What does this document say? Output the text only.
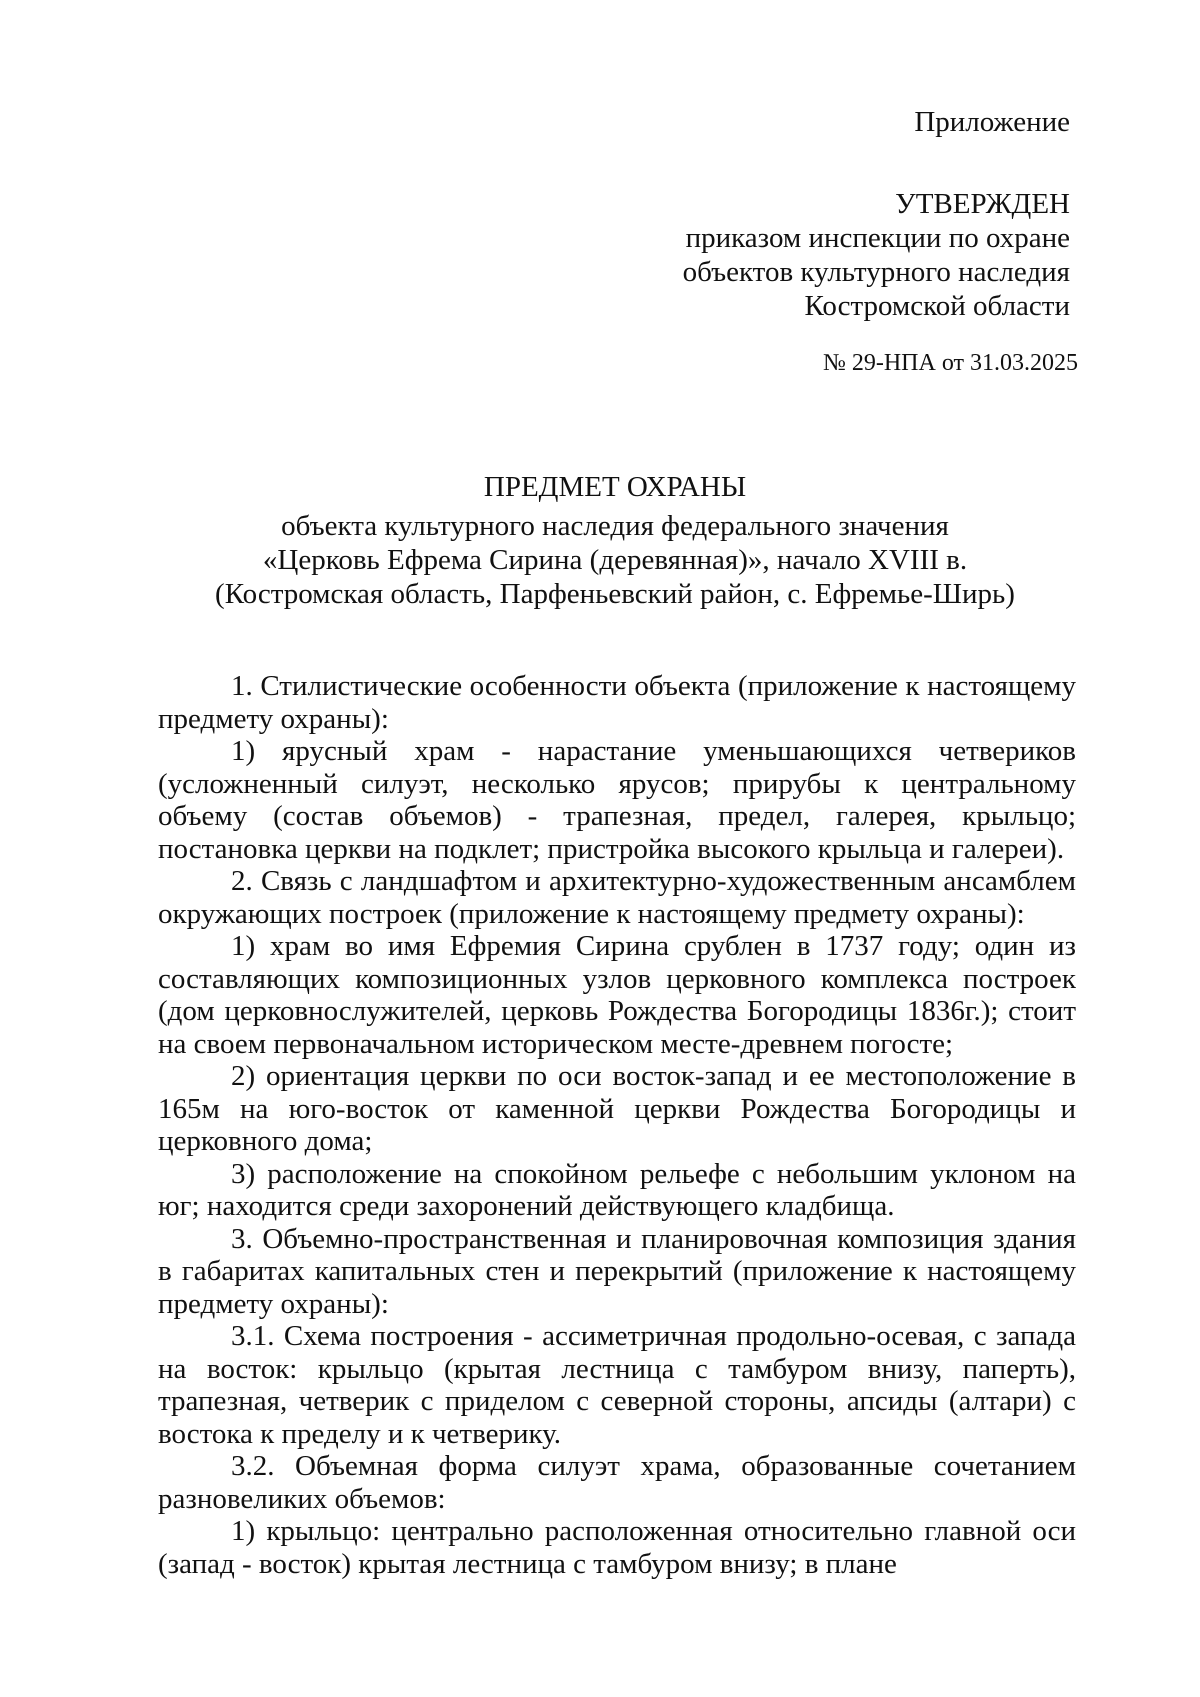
Приложение
УТВЕРЖДЕН
приказом инспекции по охране
объектов культурного наследия
Костромской области
№ 29-НПА от 31.03.2025
ПРЕДМЕТ ОХРАНЫ
объекта культурного наследия федерального значения
«Церковь Ефрема Сирина (деревянная)», начало XVIII в.
(Костромская область, Парфеньевский район, с. Ефремье-Ширь)

1. Стилистические особенности объекта (приложение к настоящему предмету охраны):

1) ярусный храм - нарастание уменьшающихся четвериков (усложненный силуэт, несколько ярусов; прирубы к центральному объему (состав объемов) - трапезная, предел, галерея, крыльцо; постановка церкви на подклет; пристройка высокого крыльца и галереи).

2. Связь с ландшафтом и архитектурно-художественным ансамблем окружающих построек (приложение к настоящему предмету охраны):

1) храм во имя Ефремия Сирина срублен в 1737 году; один из составляющих композиционных узлов церковного комплекса построек (дом церковнослужителей, церковь Рождества Богородицы 1836г.); стоит на своем первоначальном историческом месте-древнем погосте;

2) ориентация церкви по оси восток-запад и ее местоположение в 165м на юго-восток от каменной церкви Рождества Богородицы и церковного дома;

3) расположение на спокойном рельефе с небольшим уклоном на юг; находится среди захоронений действующего кладбища.

3. Объемно-пространственная и планировочная композиция здания в габаритах капитальных стен и перекрытий (приложение к настоящему предмету охраны):

3.1. Схема построения - ассиметричная продольно-осевая, с запада на восток: крыльцо (крытая лестница с тамбуром внизу, паперть), трапезная, четверик с приделом с северной стороны, апсиды (алтари) с востока к пределу и к четверику.

3.2. Объемная форма силуэт храма, образованные сочетанием разновеликих объемов:

1) крыльцо: центрально расположенная относительно главной оси (запад - восток) крытая лестница с тамбуром внизу; в плане
